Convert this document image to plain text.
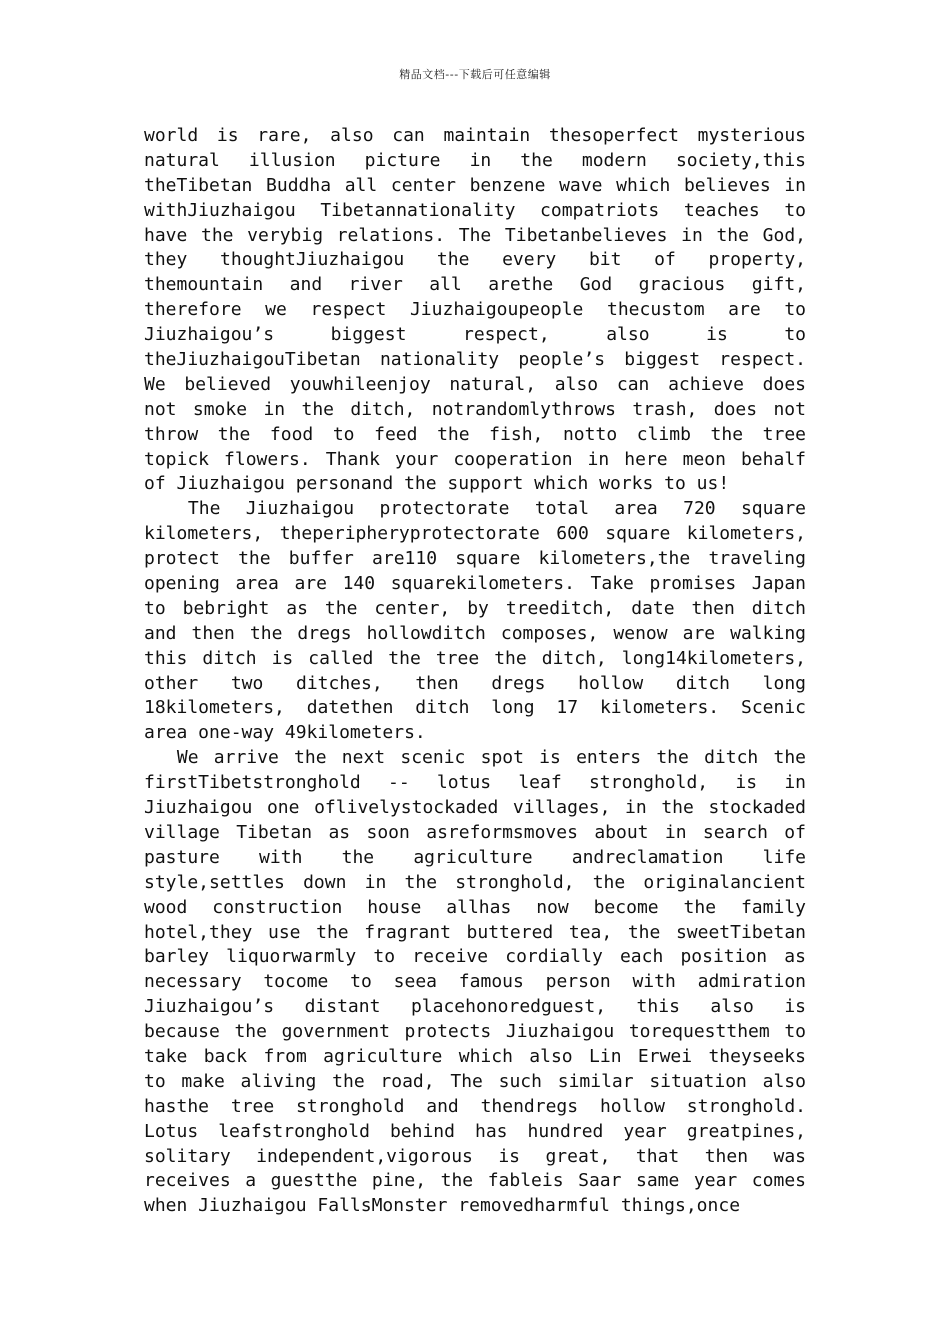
精品文档---下载后可任意编辑
world is rare, also can maintain thesoperfect mysterious
natural illusion picture in the modern society,this
theTibetan Buddha all center benzene wave which believes in
withJiuzhaigou Tibetannationality compatriots teaches to
have the verybig relations. The Tibetanbelieves in the God,
they thoughtJiuzhaigou the every bit of property,
themountain and river all arethe God gracious gift,
therefore we respect Jiuzhaigoupeople thecustom are to
Jiuzhaigou’s biggest respect, also is to
theJiuzhaigouTibetan nationality people’s biggest respect.
We believed youwhileenjoy natural, also can achieve does
not smoke in the ditch, notrandomlythrows trash, does not
throw the food to feed the fish, notto climb the tree
topick flowers. Thank your cooperation in here meon behalf
of Jiuzhaigou personand the support which works to us!
The Jiuzhaigou protectorate total area 720 square
kilometers, theperipheryprotectorate 600 square kilometers,
protect the buffer are110 square kilometers,the traveling
opening area are 140 squarekilometers. Take promises Japan
to bebright as the center, by treeditch, date then ditch
and then the dregs hollowditch composes, wenow are walking
this ditch is called the tree the ditch, long14kilometers,
other two ditches, then dregs hollow ditch long
18kilometers, datethen ditch long 17 kilometers. Scenic
area one-way 49kilometers.
We arrive the next scenic spot is enters the ditch the
firstTibetstronghold -- lotus leaf stronghold, is in
Jiuzhaigou one oflivelystockaded villages, in the stockaded
village Tibetan as soon asreformsmoves about in search of
pasture with the agriculture andreclamation life
style,settles down in the stronghold, the originalancient
wood construction house allhas now become the family
hotel,they use the fragrant buttered tea, the sweetTibetan
barley liquorwarmly to receive cordially each position as
necessary tocome to seea famous person with admiration
Jiuzhaigou’s distant placehonoredguest, this also is
because the government protects Jiuzhaigou torequestthem to
take back from agriculture which also Lin Erwei theyseeks
to make aliving the road, The such similar situation also
hasthe tree stronghold and thendregs hollow stronghold.
Lotus leafstronghold behind has hundred year greatpines,
solitary independent,vigorous is great, that then was
receives a guestthe pine, the fableis Saar same year comes
when Jiuzhaigou FallsMonster removedharmful things,once
